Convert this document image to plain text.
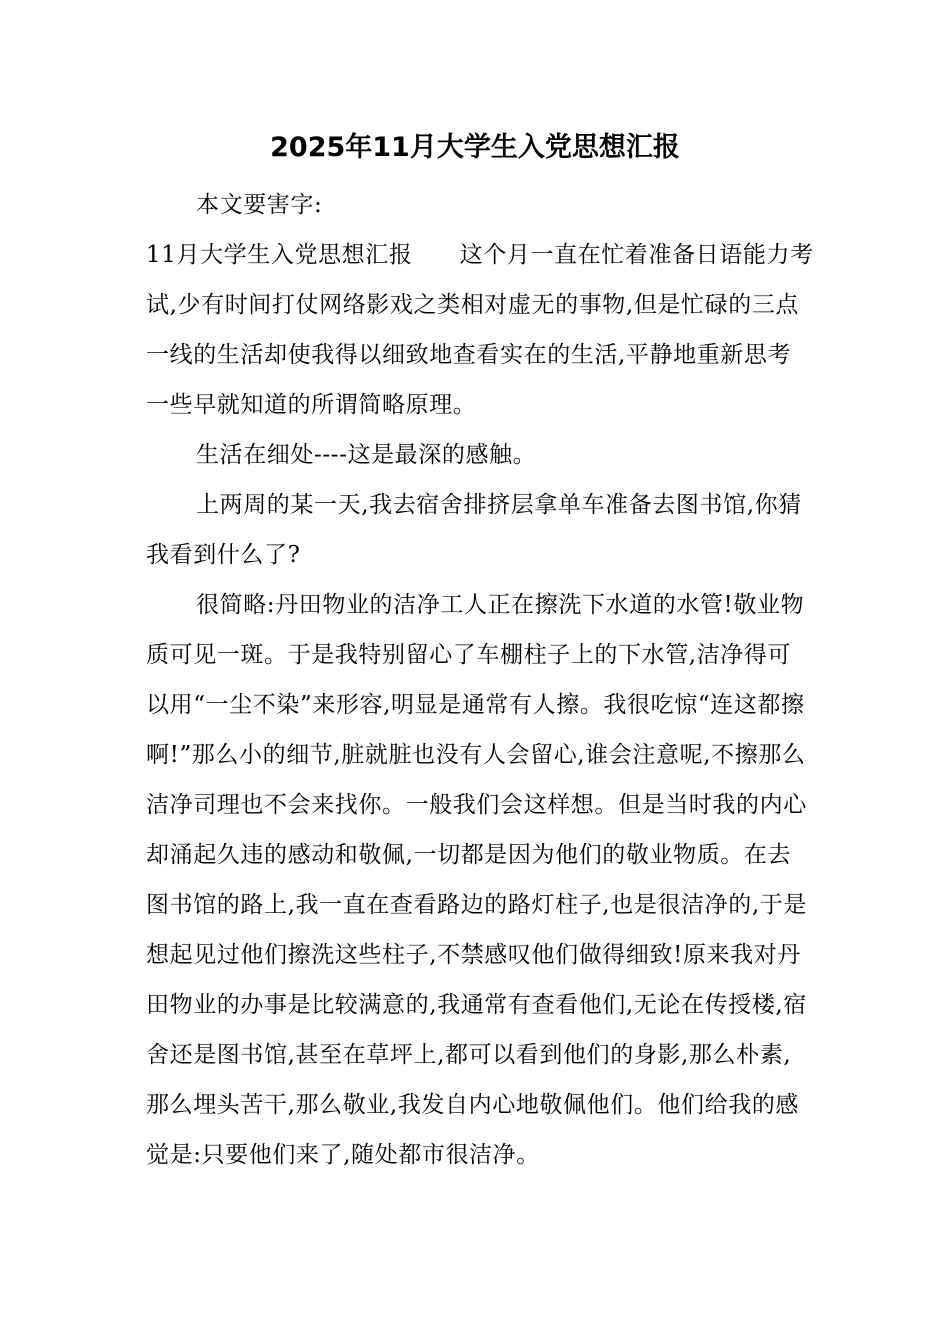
2025年11月大学生入党思想汇报

本文要害字:

11月大学生入党思想汇报　　这个月一直在忙着准备日语能力考试,少有时间打仗网络影戏之类相对虚无的事物,但是忙碌的三点一线的生活却使我得以细致地查看实在的生活,平静地重新思考一些早就知道的所谓简略原理。

生活在细处----这是最深的感触。

上两周的某一天,我去宿舍排挤层拿单车准备去图书馆,你猜我看到什么了?

很简略:丹田物业的洁净工人正在擦洗下水道的水管!敬业物质可见一斑。于是我特别留心了车棚柱子上的下水管,洁净得可以用“一尘不染”来形容,明显是通常有人擦。我很吃惊“连这都擦啊!”那么小的细节,脏就脏也没有人会留心,谁会注意呢,不擦那么洁净司理也不会来找你。一般我们会这样想。但是当时我的内心却涌起久违的感动和敬佩,一切都是因为他们的敬业物质。在去图书馆的路上,我一直在查看路边的路灯柱子,也是很洁净的,于是想起见过他们擦洗这些柱子,不禁感叹他们做得细致!原来我对丹田物业的办事是比较满意的,我通常有查看他们,无论在传授楼,宿舍还是图书馆,甚至在草坪上,都可以看到他们的身影,那么朴素,那么埋头苦干,那么敬业,我发自内心地敬佩他们。他们给我的感觉是:只要他们来了,随处都市很洁净。
